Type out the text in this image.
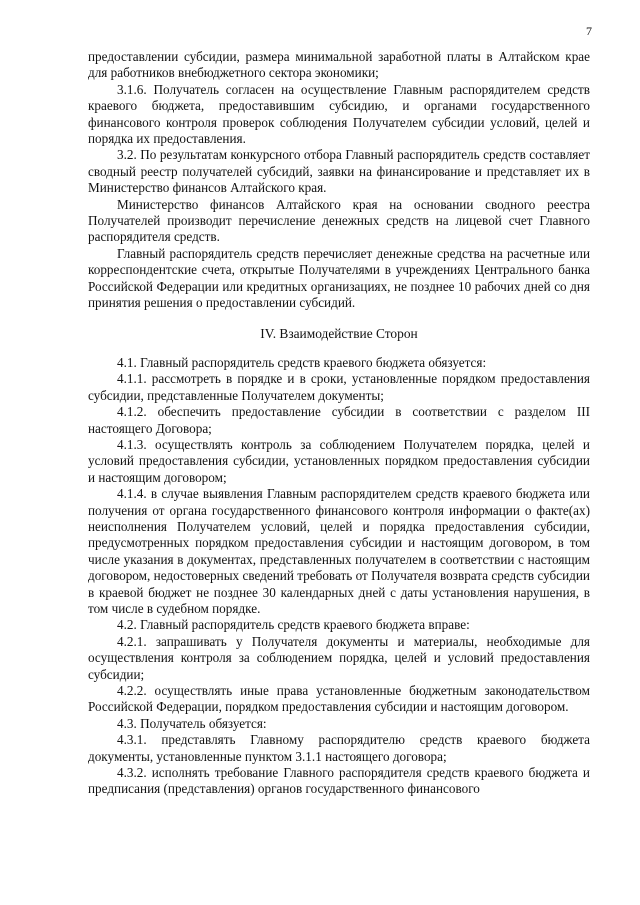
7

предоставлении субсидии, размера минимальной заработной платы в Алтайском крае для работников внебюджетного сектора экономики;

3.1.6. Получатель согласен на осуществление Главным распорядителем средств краевого бюджета, предоставившим субсидию, и органами государственного финансового контроля проверок соблюдения Получателем субсидии условий, целей и порядка их предоставления.

3.2. По результатам конкурсного отбора Главный распорядитель средств составляет сводный реестр получателей субсидий, заявки на финансирование и представляет их в Министерство финансов Алтайского края.

Министерство финансов Алтайского края на основании сводного реестра Получателей производит перечисление денежных средств на лицевой счет Главного распорядителя средств.

Главный распорядитель средств перечисляет денежные средства на расчетные или корреспондентские счета, открытые Получателями в учреждениях Центрального банка Российской Федерации или кредитных организациях, не позднее 10 рабочих дней со дня принятия решения о предоставлении субсидий.

IV. Взаимодействие Сторон

4.1. Главный распорядитель средств краевого бюджета обязуется:

4.1.1. рассмотреть в порядке и в сроки, установленные порядком предоставления субсидии, представленные Получателем документы;

4.1.2. обеспечить предоставление субсидии в соответствии с разделом III настоящего Договора;

4.1.3. осуществлять контроль за соблюдением Получателем порядка, целей и условий предоставления субсидии, установленных порядком предоставления субсидии и настоящим договором;

4.1.4. в случае выявления Главным распорядителем средств краевого бюджета или получения от органа государственного финансового контроля информации о факте(ах) неисполнения Получателем условий, целей и порядка предоставления субсидии, предусмотренных порядком предоставления субсидии и настоящим договором, в том числе указания в документах, представленных получателем в соответствии с настоящим договором, недостоверных сведений требовать от Получателя возврата средств субсидии в краевой бюджет не позднее 30 календарных дней с даты установления нарушения, в том числе в судебном порядке.

4.2. Главный распорядитель средств краевого бюджета вправе:

4.2.1. запрашивать у Получателя документы и материалы, необходимые для осуществления контроля за соблюдением порядка, целей и условий предоставления субсидии;

4.2.2. осуществлять иные права установленные бюджетным законодательством Российской Федерации, порядком предоставления субсидии и настоящим договором.

4.3. Получатель обязуется:

4.3.1. представлять Главному распорядителю средств краевого бюджета документы, установленные пунктом 3.1.1 настоящего договора;

4.3.2. исполнять требование Главного распорядителя средств краевого бюджета и предписания (представления) органов государственного финансового
